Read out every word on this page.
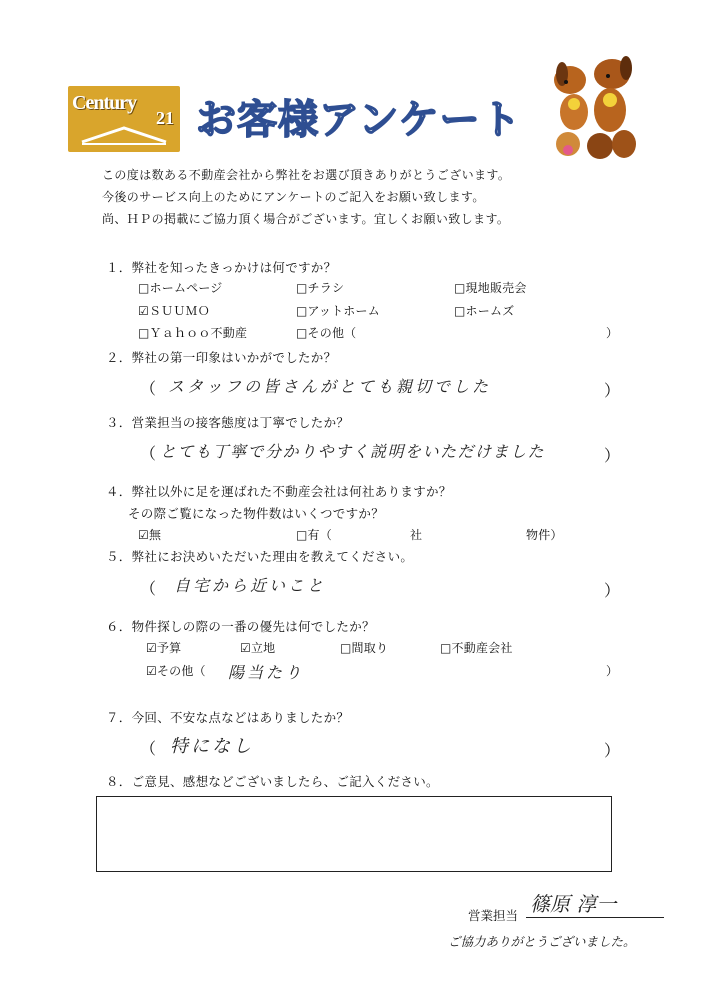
Century
21 お客様アンケート
この度は数ある不動産会社から弊社をお選び頂きありがとうございます。
今後のサービス向上のためにアンケートのご記入をお願い致します。
尚、ＨＰの掲載にご協力頂く場合がございます。宜しくお願い致します。
１．弊社を知ったきっかけは何ですか？
□ホームページ	□チラシ	□現地販売会
☑ＳＵＵＭＯ	□アットホーム	□ホームズ
□Ｙａｈｏｏ不動産	□その他（	）
２．弊社の第一印象はいかがでしたか？
（ スタッフの皆さんがとても親切でした	）
３．営業担当の接客態度は丁寧でしたか？
（ とても丁寧で分かりやすく説明をいただけました	）
４．弊社以外に足を運ばれた不動産会社は何社ありますか？
その際ご覧になった物件数はいくつですか？
☑無	□有（	社	物件）
５．弊社にお決めいただいた理由を教えてください。
（ 自宅から近いこと	）
６．物件探しの際の一番の優先は何でしたか？
☑予算	☑立地	□間取り	□不動産会社
☑その他（ 陽当たり	）
７．今回、不安な点などはありましたか？
（ 特になし	）
８．ご意見、感想などございましたら、ご記入ください。
営業担当 篠原 淳一
ご協力ありがとうございました。
